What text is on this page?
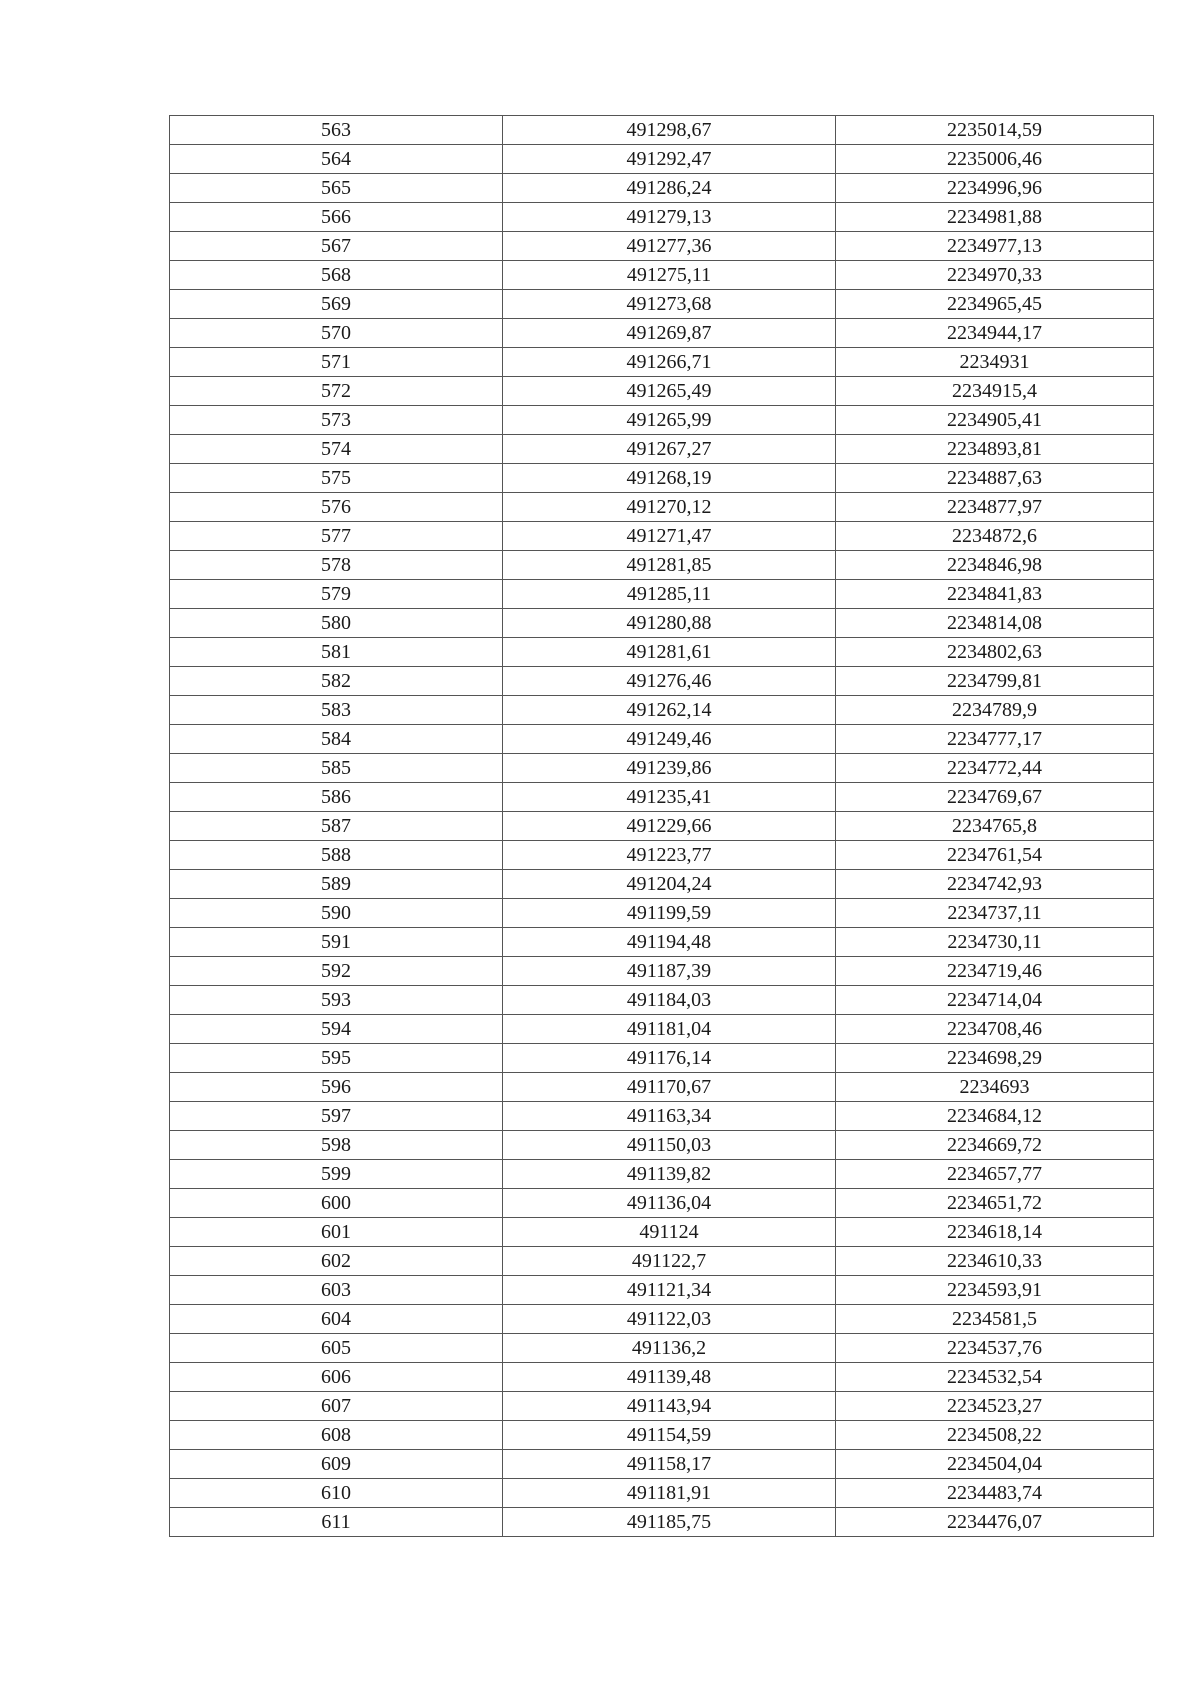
563	491298,67	2235014,59
564	491292,47	2235006,46
565	491286,24	2234996,96
566	491279,13	2234981,88
567	491277,36	2234977,13
568	491275,11	2234970,33
569	491273,68	2234965,45
570	491269,87	2234944,17
571	491266,71	2234931
572	491265,49	2234915,4
573	491265,99	2234905,41
574	491267,27	2234893,81
575	491268,19	2234887,63
576	491270,12	2234877,97
577	491271,47	2234872,6
578	491281,85	2234846,98
579	491285,11	2234841,83
580	491280,88	2234814,08
581	491281,61	2234802,63
582	491276,46	2234799,81
583	491262,14	2234789,9
584	491249,46	2234777,17
585	491239,86	2234772,44
586	491235,41	2234769,67
587	491229,66	2234765,8
588	491223,77	2234761,54
589	491204,24	2234742,93
590	491199,59	2234737,11
591	491194,48	2234730,11
592	491187,39	2234719,46
593	491184,03	2234714,04
594	491181,04	2234708,46
595	491176,14	2234698,29
596	491170,67	2234693
597	491163,34	2234684,12
598	491150,03	2234669,72
599	491139,82	2234657,77
600	491136,04	2234651,72
601	491124	2234618,14
602	491122,7	2234610,33
603	491121,34	2234593,91
604	491122,03	2234581,5
605	491136,2	2234537,76
606	491139,48	2234532,54
607	491143,94	2234523,27
608	491154,59	2234508,22
609	491158,17	2234504,04
610	491181,91	2234483,74
611	491185,75	2234476,07
